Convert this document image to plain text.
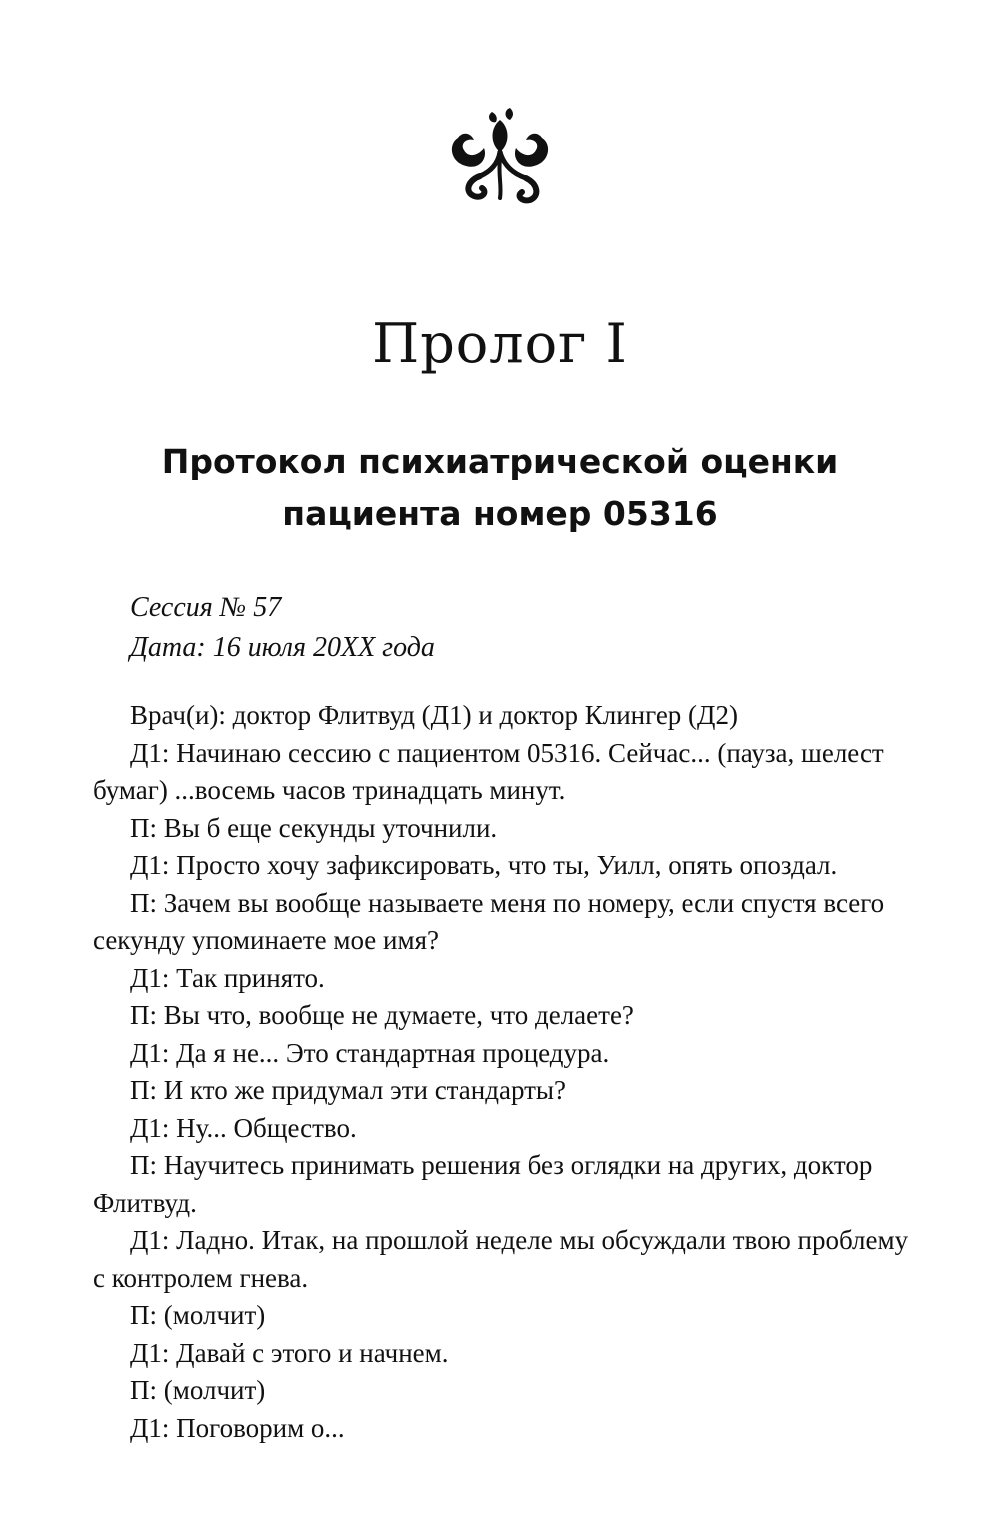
Пролог I
Протокол психиатрической оценки
пациента номер 05316
Сессия № 57
Дата: 16 июля 20XX года

Врач(и): доктор Флитвуд (Д1) и доктор Клингер (Д2)

Д1: Начинаю сессию с пациентом 05316. Сейчас... (пауза, шелест бумаг) ...восемь часов тринадцать минут.

П: Вы б еще секунды уточнили.

Д1: Просто хочу зафиксировать, что ты, Уилл, опять опоздал.

П: Зачем вы вообще называете меня по номеру, если спустя всего секунду упоминаете мое имя?

Д1: Так принято.

П: Вы что, вообще не думаете, что делаете?

Д1: Да я не... Это стандартная процедура.

П: И кто же придумал эти стандарты?

Д1: Ну... Общество.

П: Научитесь принимать решения без оглядки на других, доктор Флитвуд.

Д1: Ладно. Итак, на прошлой неделе мы обсуждали твою проблему с контролем гнева.

П: (молчит)

Д1: Давай с этого и начнем.

П: (молчит)

Д1: Поговорим о...
